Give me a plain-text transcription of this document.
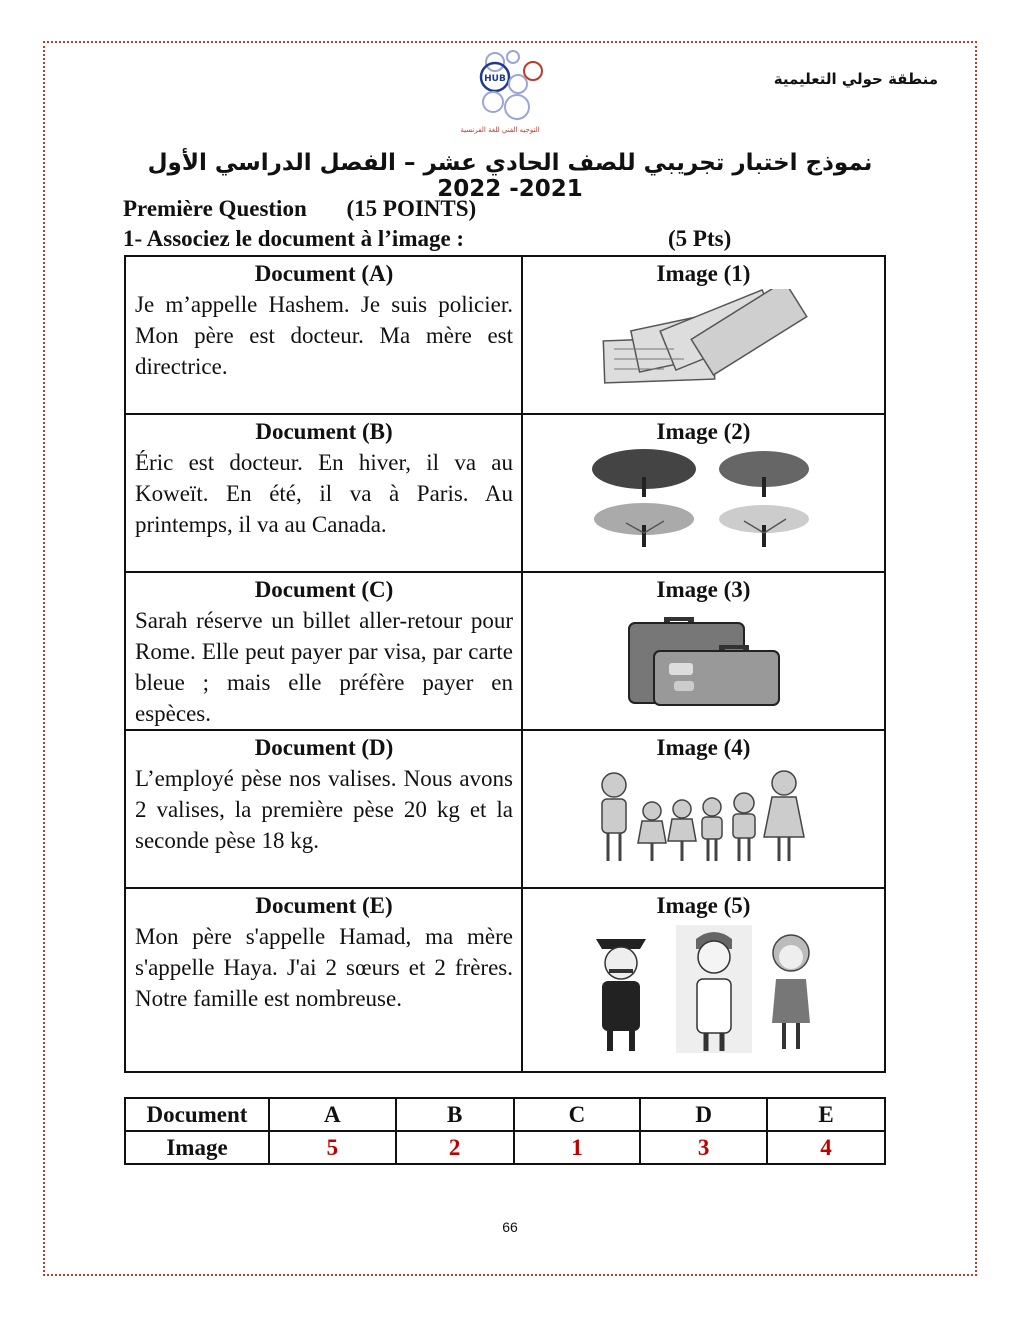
HUB
التوجيه الفني للغة الفرنسية
منطقة حولي التعليمية
نموذج اختبار تجريبي للصف الحادي عشر – الفصل الدراسي الأول 2021- 2022
Première Question (15 POINTS)
1- Associez le document à l’image :	(5 Pts)
Document (A)
Je m’appelle Hashem. Je suis policier. Mon père est docteur. Ma mère est directrice.	Image (1)

Document (B)
Éric est docteur. En hiver, il va au Koweït. En été, il va à Paris. Au printemps, il va au Canada.	Image (2)

Document (C)
Sarah réserve un billet aller-retour pour Rome. Elle peut payer par visa, par carte bleue ; mais elle préfère payer en espèces.	Image (3)

Document (D)
L’employé pèse nos valises. Nous avons 2 valises, la première pèse 20 kg et la seconde pèse 18 kg.	Image (4)

Document (E)
Mon père s'appelle Hamad, ma mère s'appelle Haya. J'ai 2 sœurs et 2 frères. Notre famille est nombreuse.	Image (5)
Document	A	B	C	D	E
Image	5	2	1	3	4
66
